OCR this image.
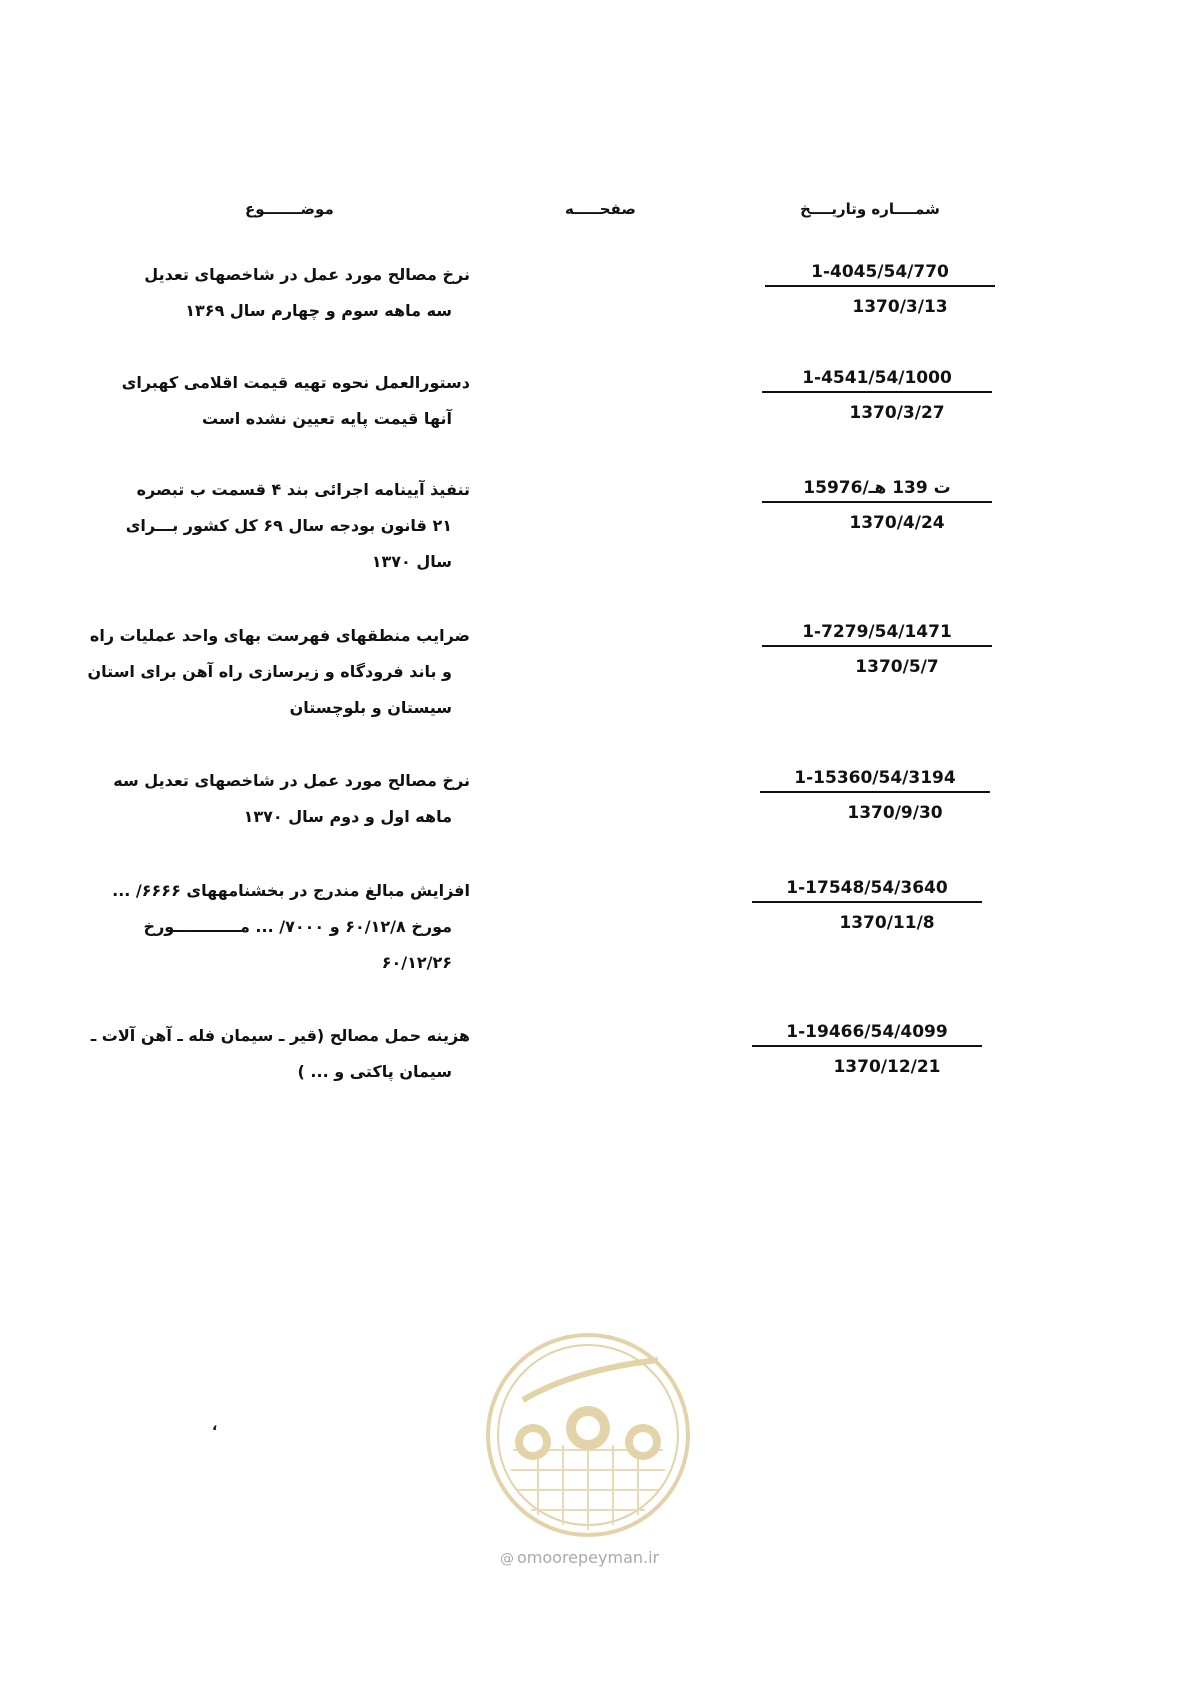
شمــــاره وتاريــــخ
صفحـــــه
موضـــــــوع
1-4045/54/770
1370/3/13
نرخ مصالح مورد عمل در شاخصهای تعدیل
سه ماهه سوم و چهارم سال ۱۳۶۹
1-4541/54/1000
1370/3/27
دستورالعمل نحوه تهیه قیمت اقلامی کهبرای
آنها قیمت پایه تعیین نشده است
15976/ت 139 هـ
1370/4/24
تنفیذ آیینامه اجرائی بند ۴ قسمت ب تبصره
۲۱ قانون بودجه سال ۶۹ کل کشور بـــرای
سال ۱۳۷۰
1-7279/54/1471
1370/5/7
ضرایب منطقهای فهرست بهای واحد عملیات راه
و باند فرودگاه و زیرسازی راه آهن برای استان
سیستان و بلوچستان
1-15360/54/3194
1370/9/30
نرخ مصالح مورد عمل در شاخصهای تعدیل سه
ماهه اول و دوم سال ۱۳۷۰
1-17548/54/3640
1370/11/8
افزایش مبالغ مندرج در بخشنامههای ۶۶۶۶/ ...
مورخ ۶۰/۱۲/۸ و ۷۰۰۰/ ... مــــــــــــورخ
۶۰/۱۲/۲۶
1-19466/54/4099
1370/12/21
هزینه حمل مصالح (قیر ـ سیمان فله ـ آهن آلات ـ
سیمان پاکتی و ... )
،
@ omoorepeyman.ir
